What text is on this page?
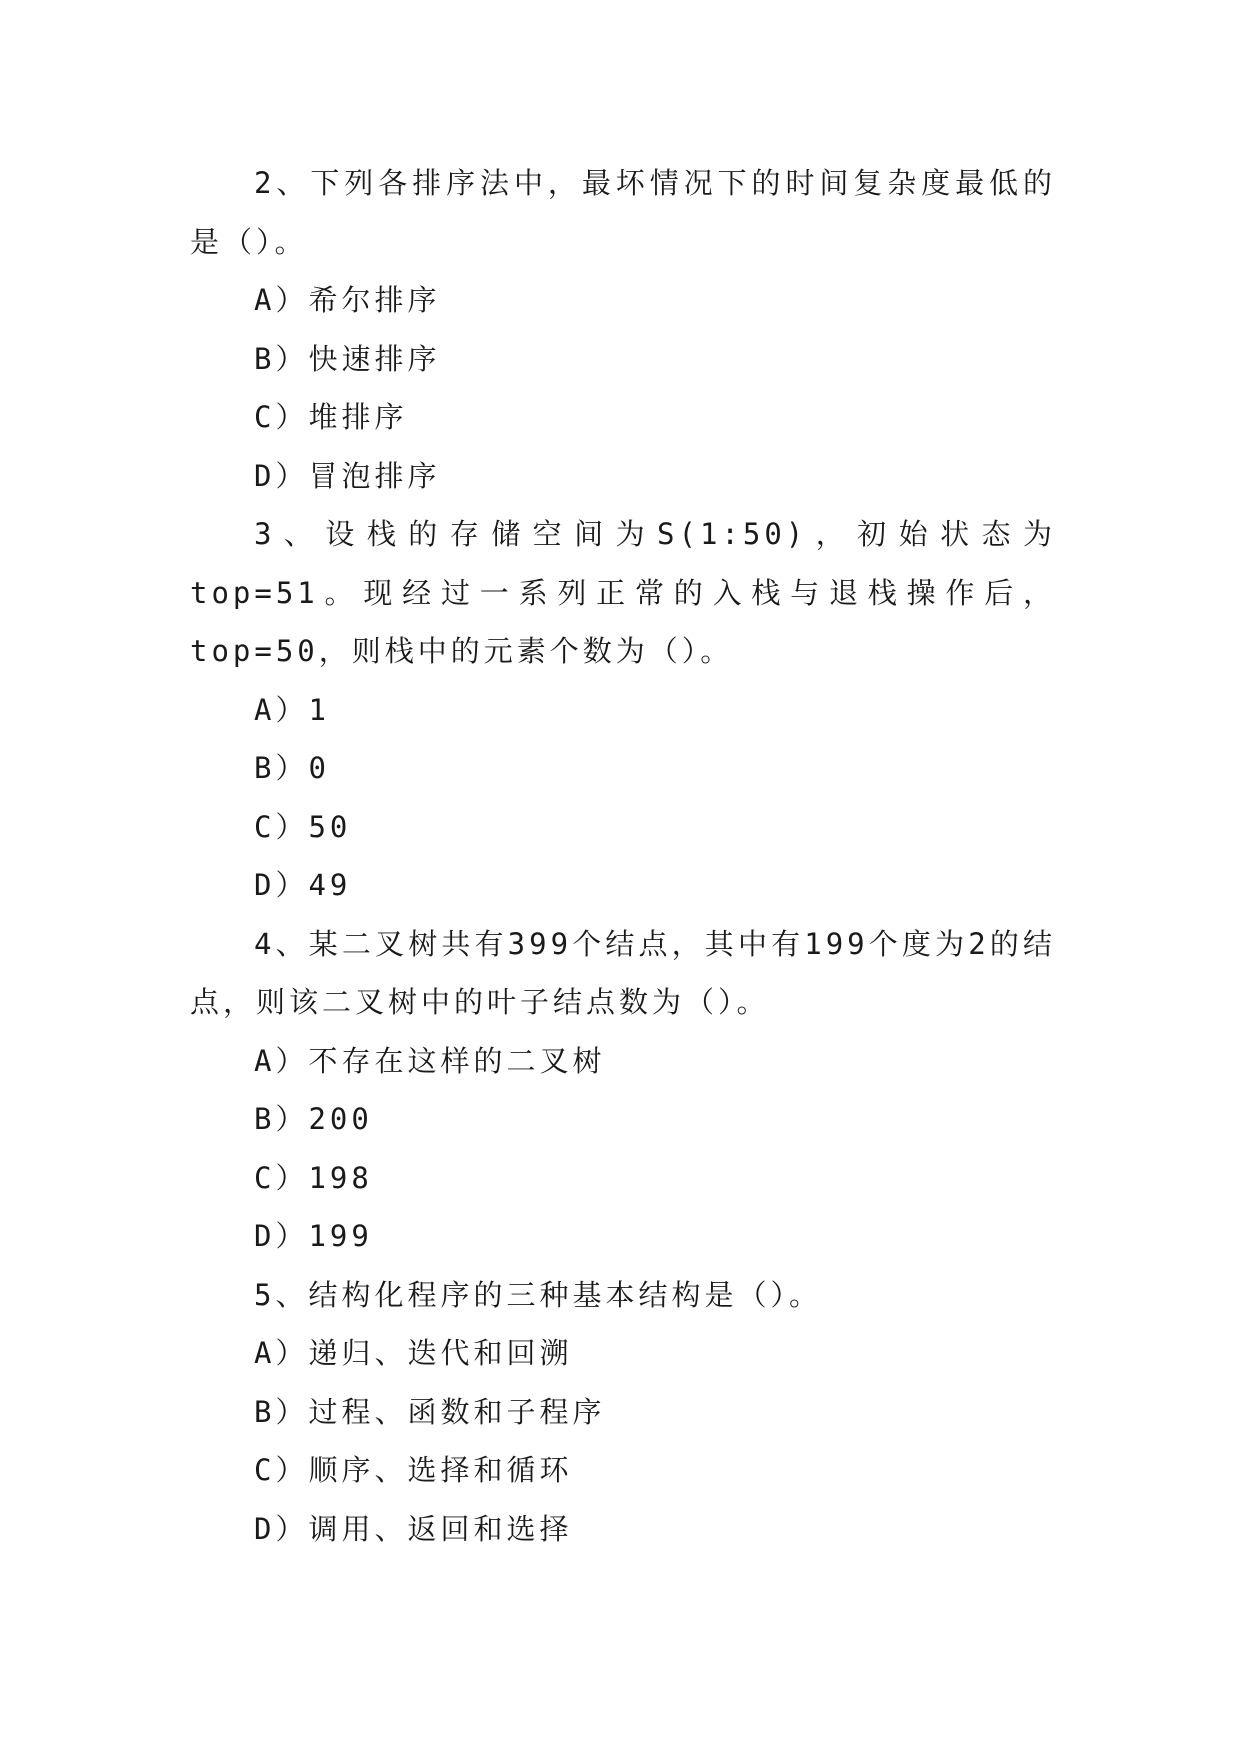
2、下列各排序法中，最坏情况下的时间复杂度最低的是（）。
A）希尔排序
B）快速排序
C）堆排序
D）冒泡排序
3、设栈的存储空间为S(1:50)，初始状态为top=51。现经过一系列正常的入栈与退栈操作后，top=50，则栈中的元素个数为（）。
A）1
B）0
C）50
D）49
4、某二叉树共有399个结点，其中有199个度为2的结点，则该二叉树中的叶子结点数为（）。
A）不存在这样的二叉树
B）200
C）198
D）199
5、结构化程序的三种基本结构是（）。
A）递归、迭代和回溯
B）过程、函数和子程序
C）顺序、选择和循环
D）调用、返回和选择
